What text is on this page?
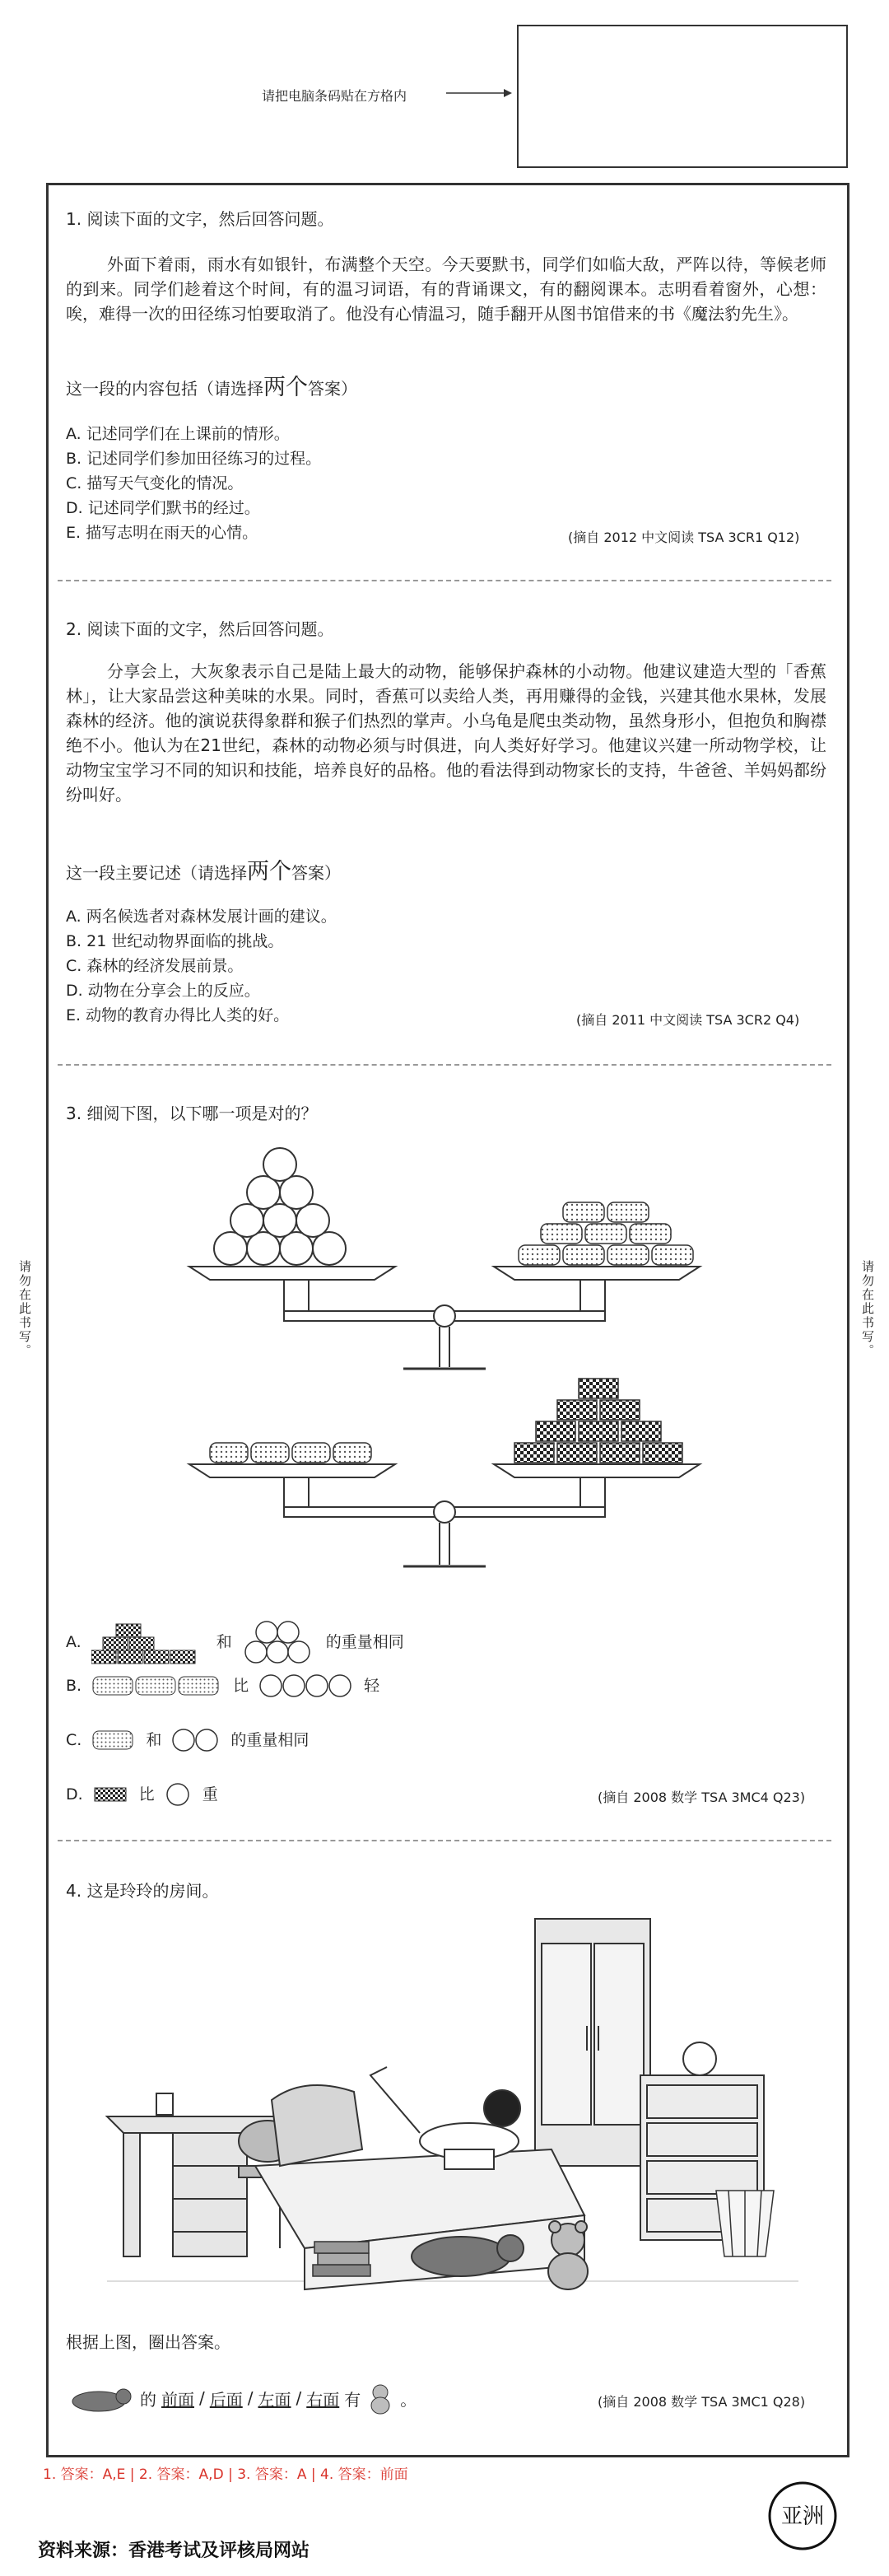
请把电脑条码贴在方格内
请勿在此书写。	请勿在此书写。
1. 阅读下面的文字，然后回答问题。
外面下着雨，雨水有如银针，布满整个天空。今天要默书，同学们如临大敌，严阵以待，等候老师的到来。同学们趁着这个时间，有的温习词语，有的背诵课文，有的翻阅课本。志明看着窗外，心想：唉，难得一次的田径练习怕要取消了。他没有心情温习，随手翻开从图书馆借来的书《魔法豹先生》。
这一段的内容包括（请选择两个答案）
A. 记述同学们在上课前的情形。
B. 记述同学们参加田径练习的过程。
C. 描写天气变化的情况。
D. 记述同学们默书的经过。
E. 描写志明在雨天的心情。	(摘自 2012 中文阅读 TSA 3CR1 Q12)
2. 阅读下面的文字，然后回答问题。
分享会上，大灰象表示自己是陆上最大的动物，能够保护森林的小动物。他建议建造大型的「香蕉林」，让大家品尝这种美味的水果。同时，香蕉可以卖给人类，再用赚得的金钱，兴建其他水果林，发展森林的经济。他的演说获得象群和猴子们热烈的掌声。小乌龟是爬虫类动物，虽然身形小，但抱负和胸襟绝不小。他认为在21世纪，森林的动物必须与时俱进，向人类好好学习。他建议兴建一所动物学校，让动物宝宝学习不同的知识和技能，培养良好的品格。他的看法得到动物家长的支持，牛爸爸、羊妈妈都纷纷叫好。
这一段主要记述（请选择两个答案）
A. 两名候选者对森林发展计画的建议。
B. 21 世纪动物界面临的挑战。
C. 森林的经济发展前景。
D. 动物在分享会上的反应。
E. 动物的教育办得比人类的好。	(摘自 2011 中文阅读 TSA 3CR2 Q4)
3. 细阅下图，以下哪一项是对的？
A.	和	的重量相同
B.	比	轻
C.	和	的重量相同
D.	比	重	(摘自 2008 数学 TSA 3MC4 Q23)
4. 这是玲玲的房间。
根据上图，圈出答案。
的 前面 / 后面 / 左面 / 右面 有 。	(摘自 2008 数学 TSA 3MC1 Q28)
1. 答案：A,E | 2. 答案：A,D | 3. 答案：A | 4. 答案：前面
亚洲
资料来源：香港考试及评核局网站
